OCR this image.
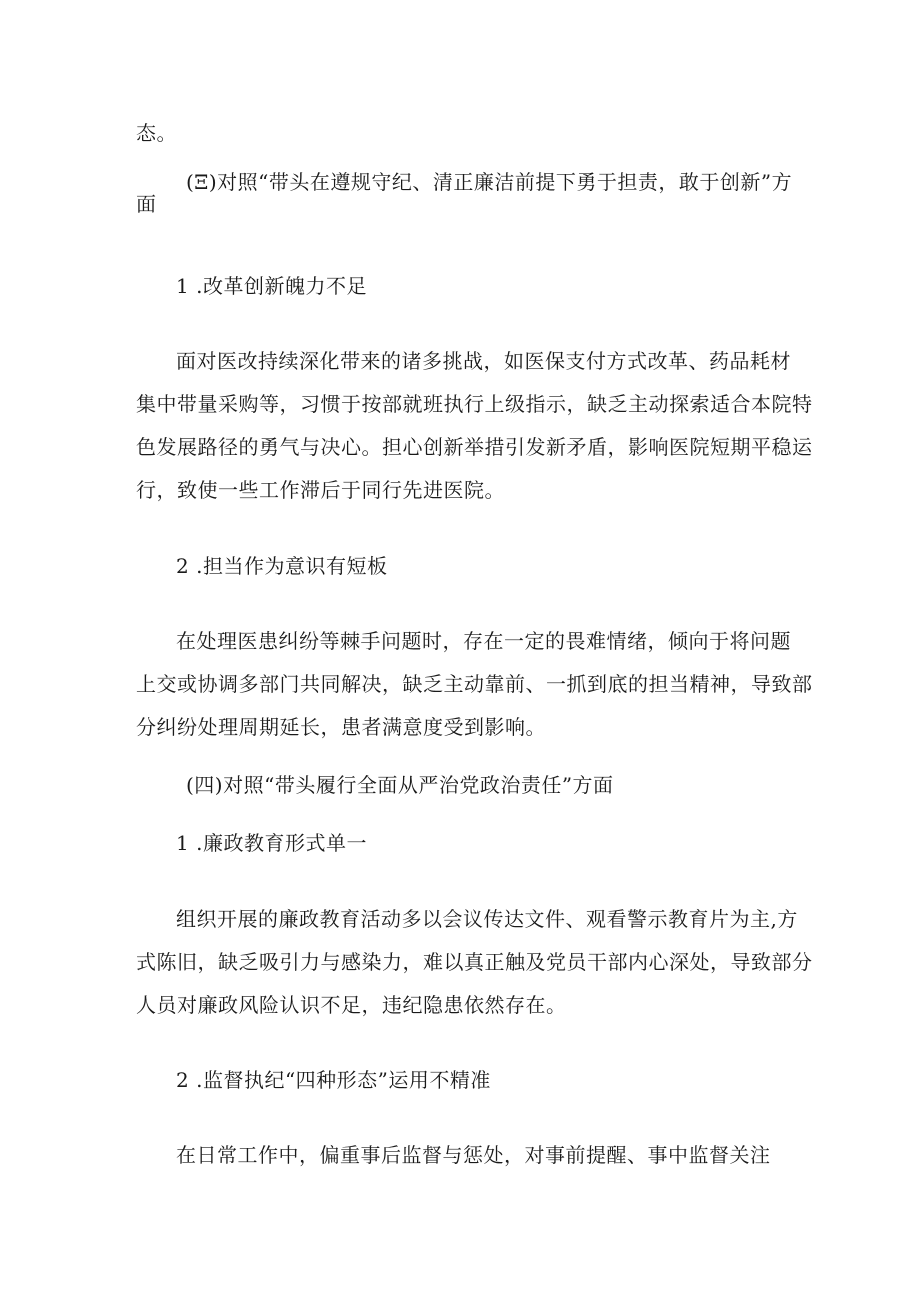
态。
(Ξ)对照“带头在遵规守纪、清正廉洁前提下勇于担责，敢于创新”方
面
1 .改革创新魄力不足
面对医改持续深化带来的诸多挑战，如医保支付方式改革、药品耗材
集中带量采购等，习惯于按部就班执行上级指示，缺乏主动探索适合本院特
色发展路径的勇气与决心。担心创新举措引发新矛盾，影响医院短期平稳运
行，致使一些工作滞后于同行先进医院。
2 .担当作为意识有短板
在处理医患纠纷等棘手问题时，存在一定的畏难情绪，倾向于将问题
上交或协调多部门共同解决，缺乏主动靠前、一抓到底的担当精神，导致部
分纠纷处理周期延长，患者满意度受到影响。
(四)对照“带头履行全面从严治党政治责任”方面
1 .廉政教育形式单一
组织开展的廉政教育活动多以会议传达文件、观看警示教育片为主,方
式陈旧，缺乏吸引力与感染力，难以真正触及党员干部内心深处，导致部分
人员对廉政风险认识不足，违纪隐患依然存在。
2 .监督执纪“四种形态”运用不精准
在日常工作中，偏重事后监督与惩处，对事前提醒、事中监督关注
